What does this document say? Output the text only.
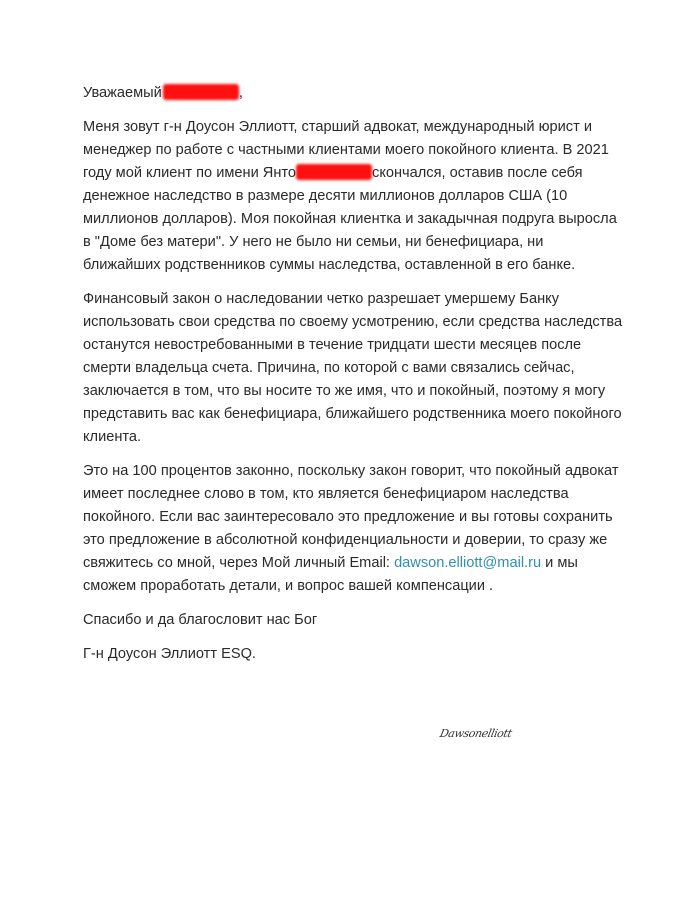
Уважаемый	,

Меня зовут г-н Доусон Эллиотт, старший адвокат, международный юрист и менеджер по работе с частными клиентами моего покойного клиента. В 2021 году мой клиент по имени Янто	скончался, оставив после себя денежное наследство в размере десяти миллионов долларов США (10 миллионов долларов). Моя покойная клиентка и закадычная подруга выросла в "Доме без матери". У него не было ни семьи, ни бенефициара, ни ближайших родственников суммы наследства, оставленной в его банке.

Финансовый закон о наследовании четко разрешает умершему Банку использовать свои средства по своему усмотрению, если средства наследства останутся невостребованными в течение тридцати шести месяцев после смерти владельца счета. Причина, по которой с вами связались сейчас, заключается в том, что вы носите то же имя, что и покойный, поэтому я могу представить вас как бенефициара, ближайшего родственника моего покойного клиента.

Это на 100 процентов законно, поскольку закон говорит, что покойный адвокат имеет последнее слово в том, кто является бенефициаром наследства покойного. Если вас заинтересовало это предложение и вы готовы сохранить это предложение в абсолютной конфиденциальности и доверии, то сразу же свяжитесь со мной, через Мой личный Email: dawson.elliott@mail.ru и мы сможем проработать детали, и вопрос вашей компенсации .

Спасибо и да благословит нас Бог

Г-н Доусон Эллиотт ESQ.

Dawsonelliott
